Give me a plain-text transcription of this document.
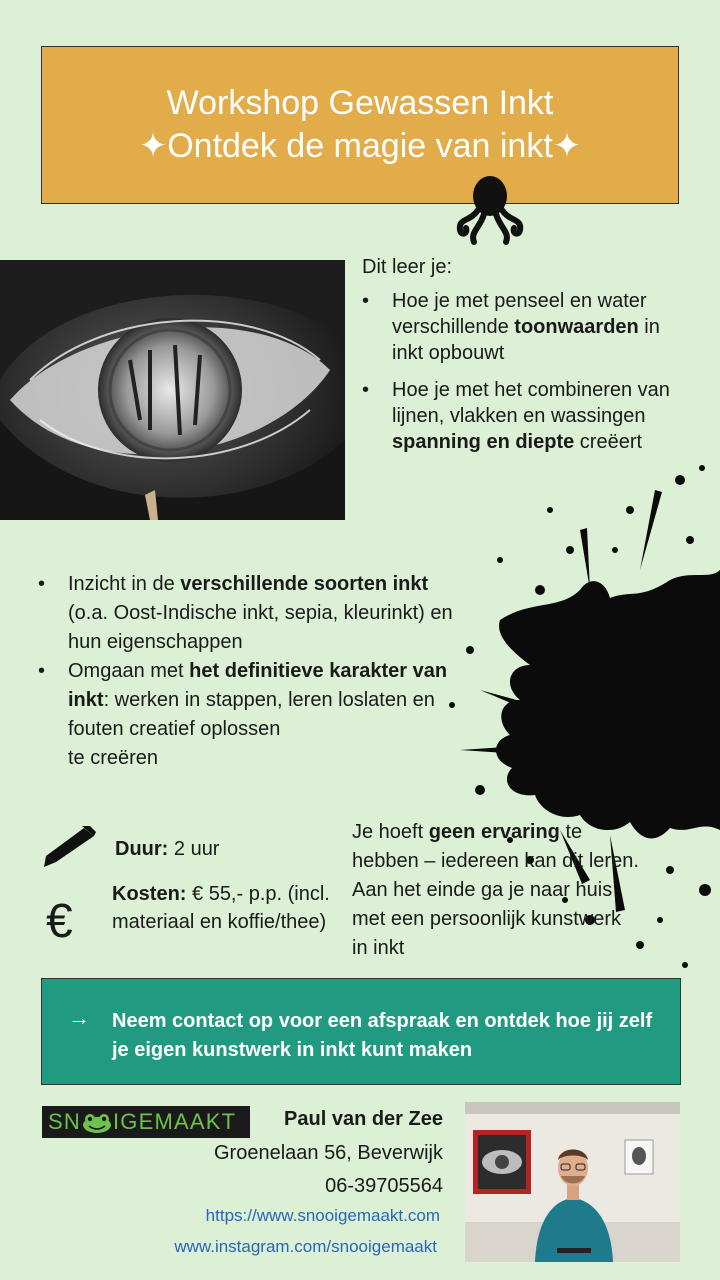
Workshop Gewassen Inkt
✦Ontdek de magie van inkt✦
Dit leer je:
• Hoe je met penseel en water verschillende toonwaarden in inkt opbouwt
• Hoe je met het combineren van lijnen, vlakken en wassingen spanning en diepte creëert
• Inzicht in de verschillende soorten inkt (o.a. Oost-Indische inkt, sepia, kleurinkt) en hun eigenschappen
• Omgaan met het definitieve karakter van inkt: werken in stappen, leren loslaten en fouten creatief oplossen
te creëren
Duur: 2 uur
€
Kosten: € 55,- p.p. (incl. materiaal en koffie/thee)
Je hoeft geen ervaring te hebben – iedereen kan dit leren. Aan het einde ga je naar huis met een persoonlijk kunstwerk in inkt
→ Neem contact op voor een afspraak en ontdek hoe jij zelf je eigen kunstwerk in inkt kunt maken
SN IGEMAAKT Paul van der Zee
Groenelaan 56, Beverwijk
06-39705564
https://www.snooigemaakt.com
www.instagram.com/snooigemaakt
